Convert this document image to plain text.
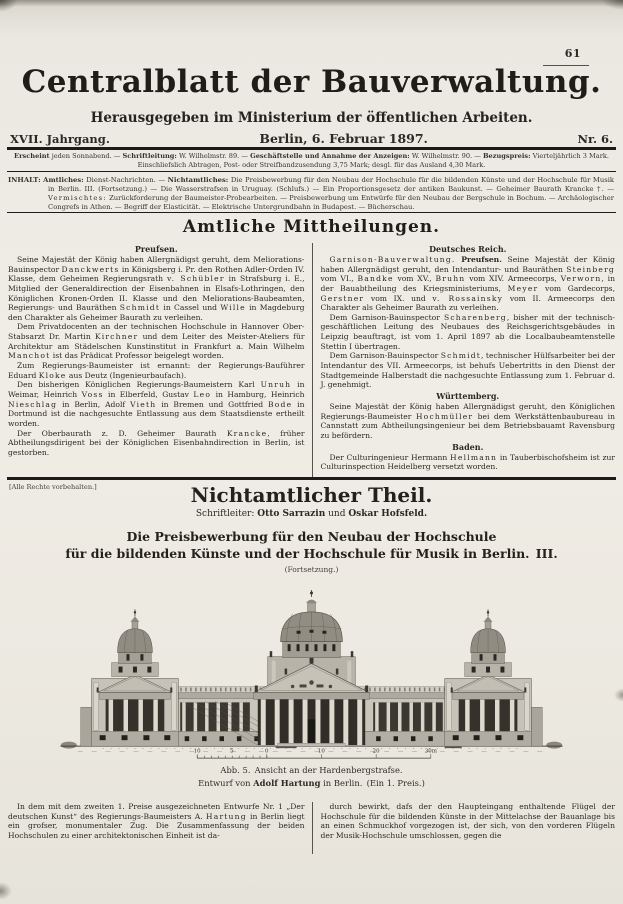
61
Centralblatt der Bauverwaltung.
Herausgegeben im Ministerium der öffentlichen Arbeiten.
XVII. Jahrgang.	Berlin, 6. Februar 1897.	Nr. 6.
Erscheint jeden Sonnabend. — Schriftleitung: W. Wilhelmstr. 89. — Geschäftstelle und Annahme der Anzeigen: W. Wilhelmstr. 90. — Bezugspreis: Vierteljährlich 3 Mark.
Einschliefslich Abtragen, Post- oder Streifbandzusendung 3,75 Mark; desgl. für das Ausland 4,30 Mark.
INHALT: Amtliches: Dienst-Nachrichten. — Nichtamtliches: Die Preisbewerbung für den Neubau der Hochschule für die bildenden Künste und der Hochschule für Musik in Berlin. III. (Fortsetzung.) — Die Wasserstrafsen in Uruguay. (Schlufs.) — Ein Proportionsgesetz der antiken Baukunst. — Geheimer Baurath Krancke †. — Vermischtes: Zurückforderung der Baumeister-Probearbeiten. — Preisbewerbung um Entwürfe für den Neubau der Bergschule in Bochum. — Archäologischer Congrefs in Athen. — Begriff der Elasticität. — Elektrische Untergrundbahn in Budapest. — Bücherschau.
Amtliche Mittheilungen.
Preufsen.

Seine Majestät der König haben Allergnädigst geruht, dem Meliorations-Bauinspector Danckwerts in Königsberg i. Pr. den Rothen Adler-Orden IV. Klasse, dem Geheimen Regierungsrath v. Schübler in Strafsburg i. E., Mitglied der Generaldirection der Eisenbahnen in Elsafs-Lothringen, den Königlichen Kronen-Orden II. Klasse und den Meliorations-Baubeamten, Regierungs- und Bauräthen Schmidt in Cassel und Wille in Magdeburg den Charakter als Geheimer Baurath zu verleihen.

Dem Privatdocenten an der technischen Hochschule in Hannover Ober-Stabsarzt Dr. Martin Kirchner und dem Leiter des Meister-Ateliers für Architektur am Städelschen Kunstinstitut in Frankfurt a. Main Wilhelm Manchot ist das Prädicat Professor beigelegt worden.

Zum Regierungs-Baumeister ist ernannt: der Regierungs-Bauführer Eduard Kloke aus Deutz (Ingenieurbaufach).

Den bisherigen Königlichen Regierungs-Baumeistern Karl Unruh in Weimar, Heinrich Voss in Elberfeld, Gustav Leo in Hamburg, Heinrich Nieschlag in Berlin, Adolf Vieth in Bremen und Gottfried Bode in Dortmund ist die nachgesuchte Entlassung aus dem Staatsdienste ertheilt worden.

Der Oberbaurath z. D. Geheimer Baurath Krancke, früher Abtheilungsdirigent bei der Königlichen Eisenbahndirection in Berlin, ist gestorben.

Deutsches Reich.

Garnison-Bauverwaltung. Preufsen. Seine Majestät der König haben Allergnädigst geruht, den Intendantur- und Bauräthen Steinberg vom VI., Bandke vom XV., Bruhn vom XIV. Armeecorps, Verworn, in der Bauabtheilung des Kriegsministeriums, Meyer vom Gardecorps, Gerstner vom IX. und v. Rossainsky vom II. Armeecorps den Charakter als Geheimer Baurath zu verleihen.

Dem Garnison-Bauinspector Scharenberg, bisher mit der technisch-geschäftlichen Leitung des Neubaues des Reichsgerichtsgebäudes in Leipzig beauftragt, ist vom 1. April 1897 ab die Localbaubeamtenstelle Stettin I übertragen.

Dem Garnison-Bauinspector Schmidt, technischer Hülfsarbeiter bei der Intendantur des VII. Armeecorps, ist behufs Uebertritts in den Dienst der Stadtgemeinde Halberstadt die nachgesuchte Entlassung zum 1. Februar d. J. genehmigt.

Württemberg.

Seine Majestät der König haben Allergnädigst geruht, den Königlichen Regierungs-Baumeister Hochmüller bei dem Werkstättenbaubureau in Cannstatt zum Abtheilungsingenieur bei dem Betriebsbauamt Ravensburg zu befördern.

Baden.

Der Culturingenieur Hermann Hellmann in Tauberbischofsheim ist zur Culturinspection Heidelberg versetzt worden.

[Alle Rechte vorbehalten.]	Nichtamtlicher Theil.
Schriftleiter: Otto Sarrazin und Oskar Hofsfeld.
Die Preisbewerbung für den Neubau der Hochschule
für die bildenden Künste und der Hochschule für Musik in Berlin. III.
(Fortsetzung.)
10	5	0	10	20	30m
Abb. 5. Ansicht an der Hardenbergstrafse.
Entwurf von Adolf Hartung in Berlin. (Ein 1. Preis.)

In dem mit dem zweiten 1. Preise ausgezeichneten Entwurfe Nr. 1 „Der deutschen Kunst“ des Regierungs-Baumeisters A. Hartung in Berlin liegt ein grofser, monumentaler Zug. Die Zusammenfassung der beiden Hochschulen zu einer architektonischen Einheit ist da-

durch bewirkt, dafs der den Haupteingang enthaltende Flügel der Hochschule für die bildenden Künste in der Mittelachse der Bauanlage bis an einen Schmuckhof vorgezogen ist, der sich, von den vorderen Flügeln der Musik-Hochschule umschlossen, gegen die
